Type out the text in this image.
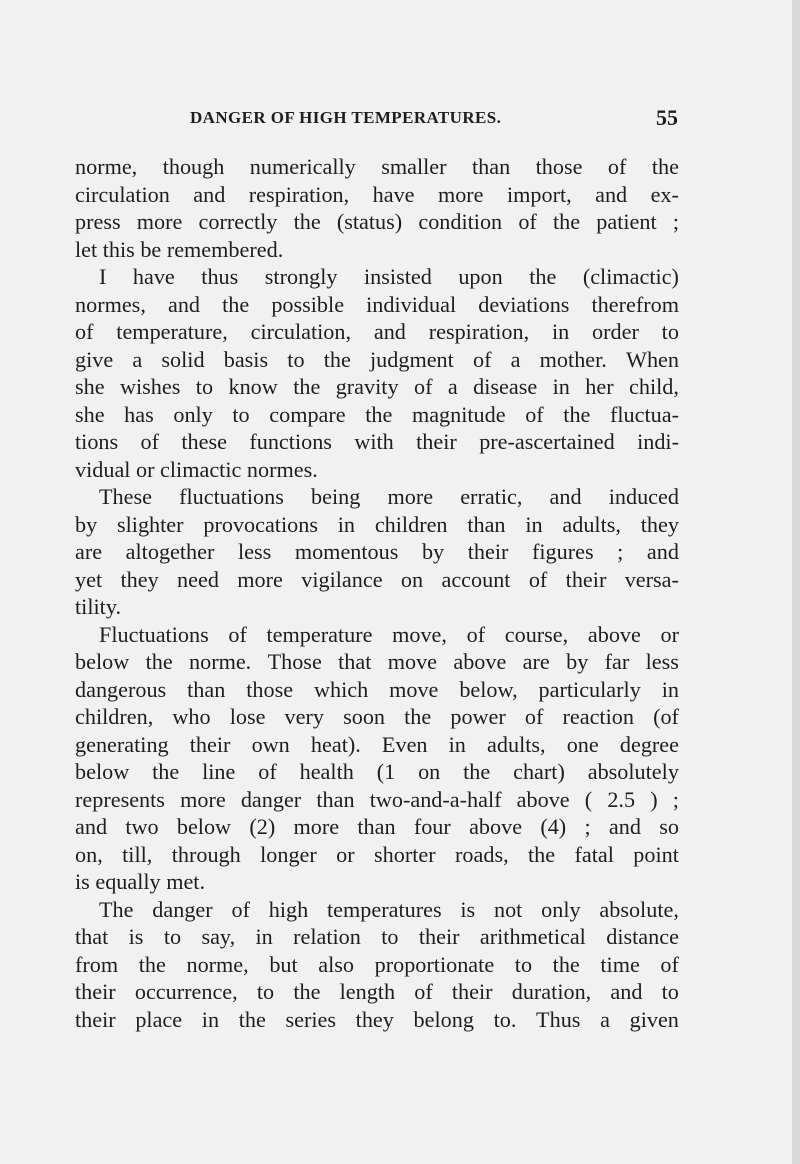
DANGER OF HIGH TEMPERATURES.	55
norme, though numerically smaller than those of the
circulation and respiration, have more import, and ex-
press more correctly the (status) condition of the patient ;
let this be remembered.
I have thus strongly insisted upon the (climactic)
normes, and the possible individual deviations therefrom
of temperature, circulation, and respiration, in order to
give a solid basis to the judgment of a mother. When
she wishes to know the gravity of a disease in her child,
she has only to compare the magnitude of the fluctua-
tions of these functions with their pre-ascertained indi-
vidual or climactic normes.
These fluctuations being more erratic, and induced
by slighter provocations in children than in adults, they
are altogether less momentous by their figures ; and
yet they need more vigilance on account of their versa-
tility.
Fluctuations of temperature move, of course, above or
below the norme. Those that move above are by far less
dangerous than those which move below, particularly in
children, who lose very soon the power of reaction (of
generating their own heat). Even in adults, one degree
below the line of health (1 on the chart) absolutely
represents more danger than two-and-a-half above ( 2.5 ) ;
and two below (2) more than four above (4) ; and so
on, till, through longer or shorter roads, the fatal point
is equally met.
The danger of high temperatures is not only absolute,
that is to say, in relation to their arithmetical distance
from the norme, but also proportionate to the time of
their occurrence, to the length of their duration, and to
their place in the series they belong to. Thus a given
